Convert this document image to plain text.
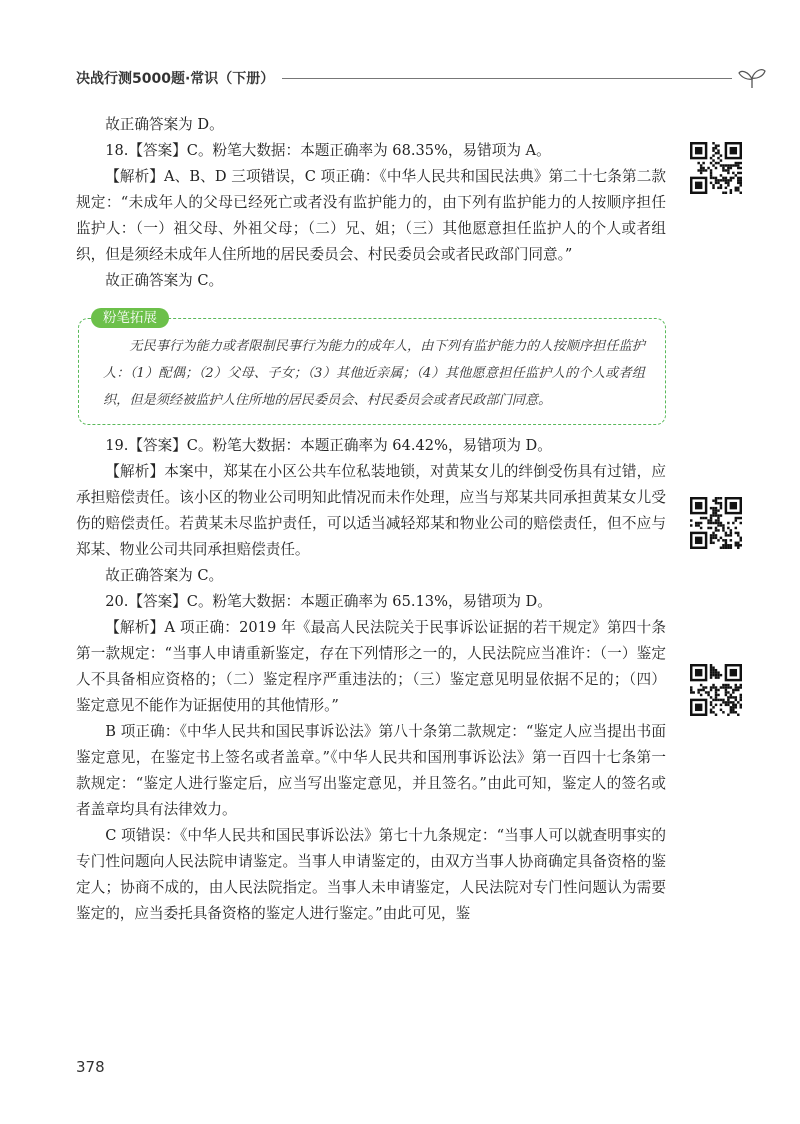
决战行测5000题·常识（下册）

故正确答案为 D。

18.【答案】C。粉笔大数据：本题正确率为 68.35%，易错项为 A。

【解析】A、B、D 三项错误，C 项正确：《中华人民共和国民法典》第二十七条第二款规定：“未成年人的父母已经死亡或者没有监护能力的，由下列有监护能力的人按顺序担任监护人：（一）祖父母、外祖父母；（二）兄、姐；（三）其他愿意担任监护人的个人或者组织，但是须经未成年人住所地的居民委员会、村民委员会或者民政部门同意。”

故正确答案为 C。

粉笔拓展

无民事行为能力或者限制民事行为能力的成年人，由下列有监护能力的人按顺序担任监护人：（1）配偶；（2）父母、子女；（3）其他近亲属；（4）其他愿意担任监护人的个人或者组织，但是须经被监护人住所地的居民委员会、村民委员会或者民政部门同意。

19.【答案】C。粉笔大数据：本题正确率为 64.42%，易错项为 D。

【解析】本案中，郑某在小区公共车位私装地锁，对黄某女儿的绊倒受伤具有过错，应承担赔偿责任。该小区的物业公司明知此情况而未作处理，应当与郑某共同承担黄某女儿受伤的赔偿责任。若黄某未尽监护责任，可以适当减轻郑某和物业公司的赔偿责任，但不应与郑某、物业公司共同承担赔偿责任。

故正确答案为 C。

20.【答案】C。粉笔大数据：本题正确率为 65.13%，易错项为 D。

【解析】A 项正确：2019 年《最高人民法院关于民事诉讼证据的若干规定》第四十条第一款规定：“当事人申请重新鉴定，存在下列情形之一的，人民法院应当准许：（一）鉴定人不具备相应资格的；（二）鉴定程序严重违法的；（三）鉴定意见明显依据不足的；（四）鉴定意见不能作为证据使用的其他情形。”

B 项正确：《中华人民共和国民事诉讼法》第八十条第二款规定：“鉴定人应当提出书面鉴定意见，在鉴定书上签名或者盖章。”《中华人民共和国刑事诉讼法》第一百四十七条第一款规定：“鉴定人进行鉴定后，应当写出鉴定意见，并且签名。”由此可知，鉴定人的签名或者盖章均具有法律效力。

C 项错误：《中华人民共和国民事诉讼法》第七十九条规定：“当事人可以就查明事实的专门性问题向人民法院申请鉴定。当事人申请鉴定的，由双方当事人协商确定具备资格的鉴定人；协商不成的，由人民法院指定。当事人未申请鉴定，人民法院对专门性问题认为需要鉴定的，应当委托具备资格的鉴定人进行鉴定。”由此可见，鉴

378
